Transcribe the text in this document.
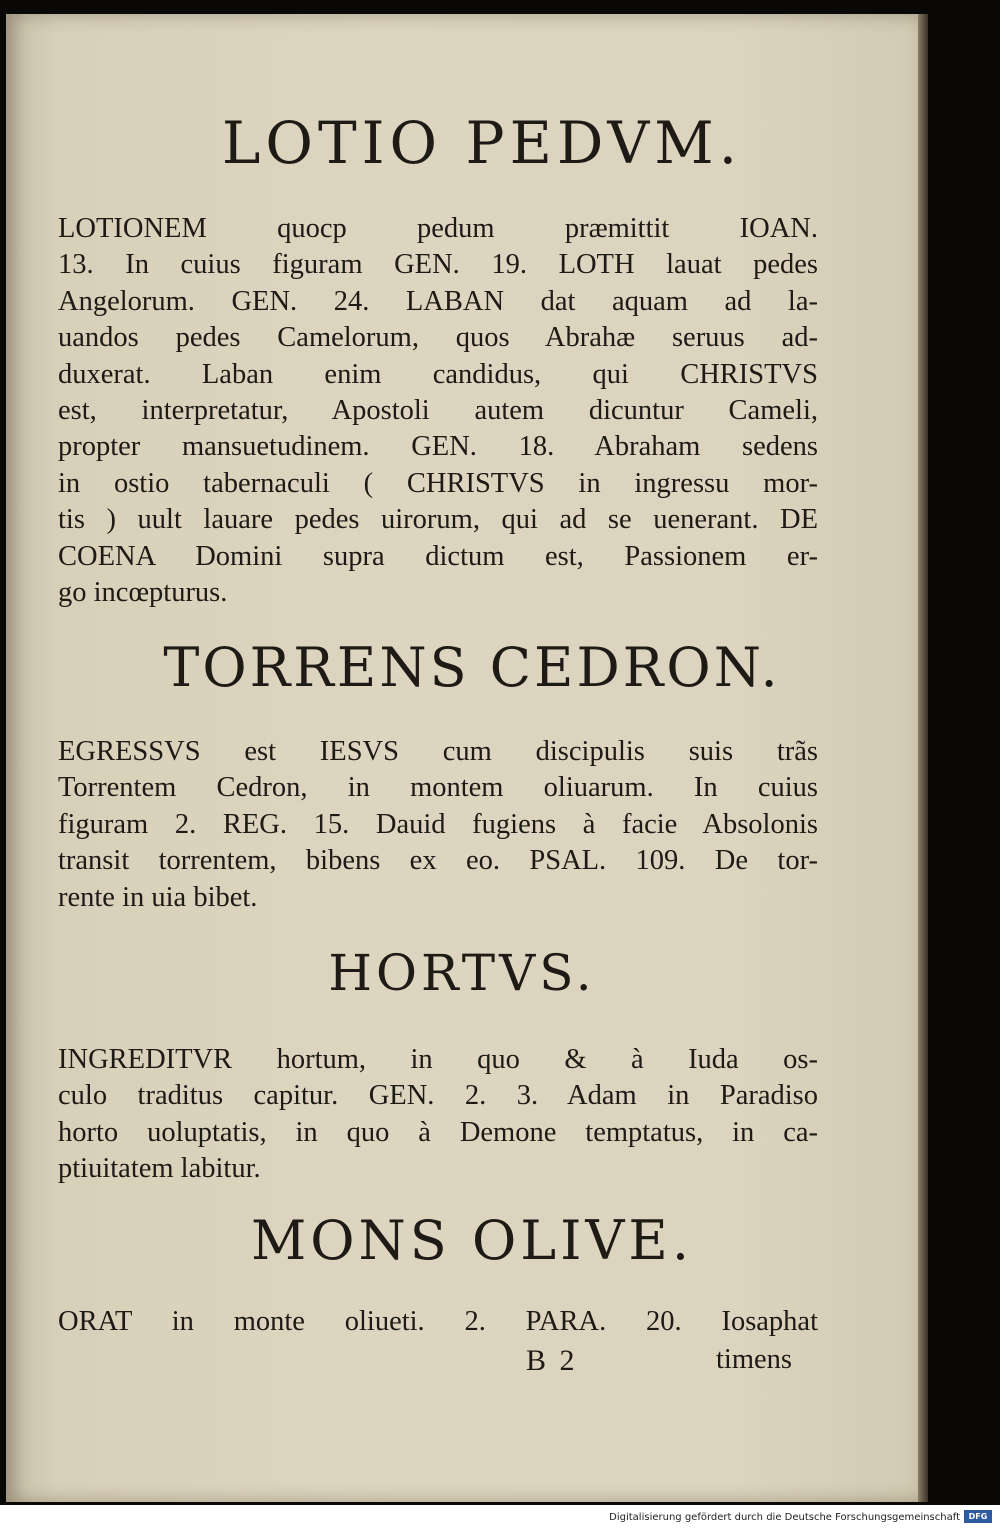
LOTIO PEDVM.
LOTIONEM quocp pedum præmittit IOAN.
13. In cuius figuram GEN. 19. LOTH lauat pedes
Angelorum. GEN. 24. LABAN dat aquam ad la-
uandos pedes Camelorum, quos Abrahæ seruus ad-
duxerat. Laban enim candidus, qui CHRISTVS
est, interpretatur, Apostoli autem dicuntur Cameli,
propter mansuetudinem. GEN. 18. Abraham sedens
in ostio tabernaculi ( CHRISTVS in ingressu mor-
tis ) uult lauare pedes uirorum, qui ad se uenerant. DE
COENA Domini supra dictum est, Passionem er-
go incœpturus.
TORRENS CEDRON.
EGRESSVS est IESVS cum discipulis suis trãs
Torrentem Cedron, in montem oliuarum. In cuius
figuram 2. REG. 15. Dauid fugiens à facie Absolonis
transit torrentem, bibens ex eo. PSAL. 109. De tor-
rente in uia bibet.
HORTVS.
INGREDITVR hortum, in quo & à Iuda os-
culo traditus capitur. GEN. 2. 3. Adam in Paradiso
horto uoluptatis, in quo à Demone temptatus, in ca-
ptiuitatem labitur.
MONS OLIVE.
ORAT in monte oliueti. 2. PARA. 20. Iosaphat
B 2	timens
Digitalisierung gefördert durch die Deutsche Forschungsgemeinschaft	DFG
